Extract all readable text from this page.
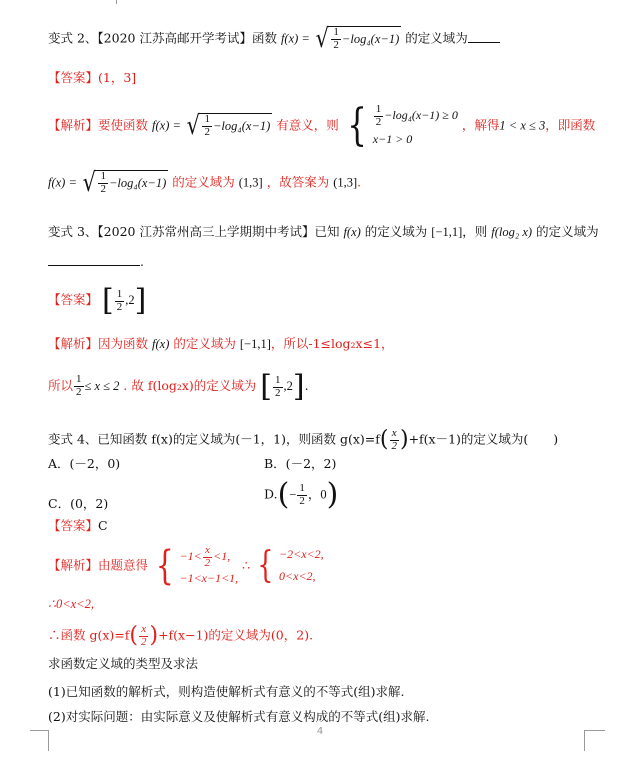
变式 2、【2020 江苏高邮开学考试】函数 f(x) = √ $\frac{1}{2} -\log_4(x-1)$ 的定义域为
【答案】(1，3]
【解析】要使函数 f(x) = √ $\frac{1}{2} -\log_4(x-1)$ 有意义，则 { $\frac{1}{2} -\log_4(x-1) \ge 0$
x−1 > 0
，解得1 < x ≤ 3，即函数
f(x) = √ $\frac{1}{2} -\log_4(x-1)$ 的定义域为 (1,3] ，故答案为 (1,3].
变式 3、【2020 江苏常州高三上学期期中考试】已知 f(x) 的定义域为 [−1,1]，则 f(log₂ x) 的定义域为
.
【答案】 [ $\frac{1}{2} ,2$]
【解析】因为函数 f(x) 的定义域为 [−1,1]，所以-1≤log₂x≤1，
所以 $\frac{1}{2} \le x \le 2$ . 故 f(log₂x)的定义域为 [ $\frac{1}{2} ,2$].
变式 4、已知函数 f(x)的定义域为(－1，1)，则函数 g(x)=f ( $\frac{x}{2}$ ) +f(x－1)的定义域为(　　)
A．(－2，0)	B．(－2，2)
C．(0，2)
$D.(- \frac{1}{2}$ ，0)
【答案】C
【解析】由题意得 { $-1< \frac{x}{2} <1$,
−1<x−1<1,
∴ { −2<x<2,
0<x<2,
∴0<x<2,
∴函数 g(x)=f ( $\frac{x}{2}$ ) +f(x−1)的定义域为(0，2).
求函数定义域的类型及求法
(1)已知函数的解析式，则构造使解析式有意义的不等式(组)求解.
(2)对实际问题：由实际意义及使解析式有意义构成的不等式(组)求解.
4
